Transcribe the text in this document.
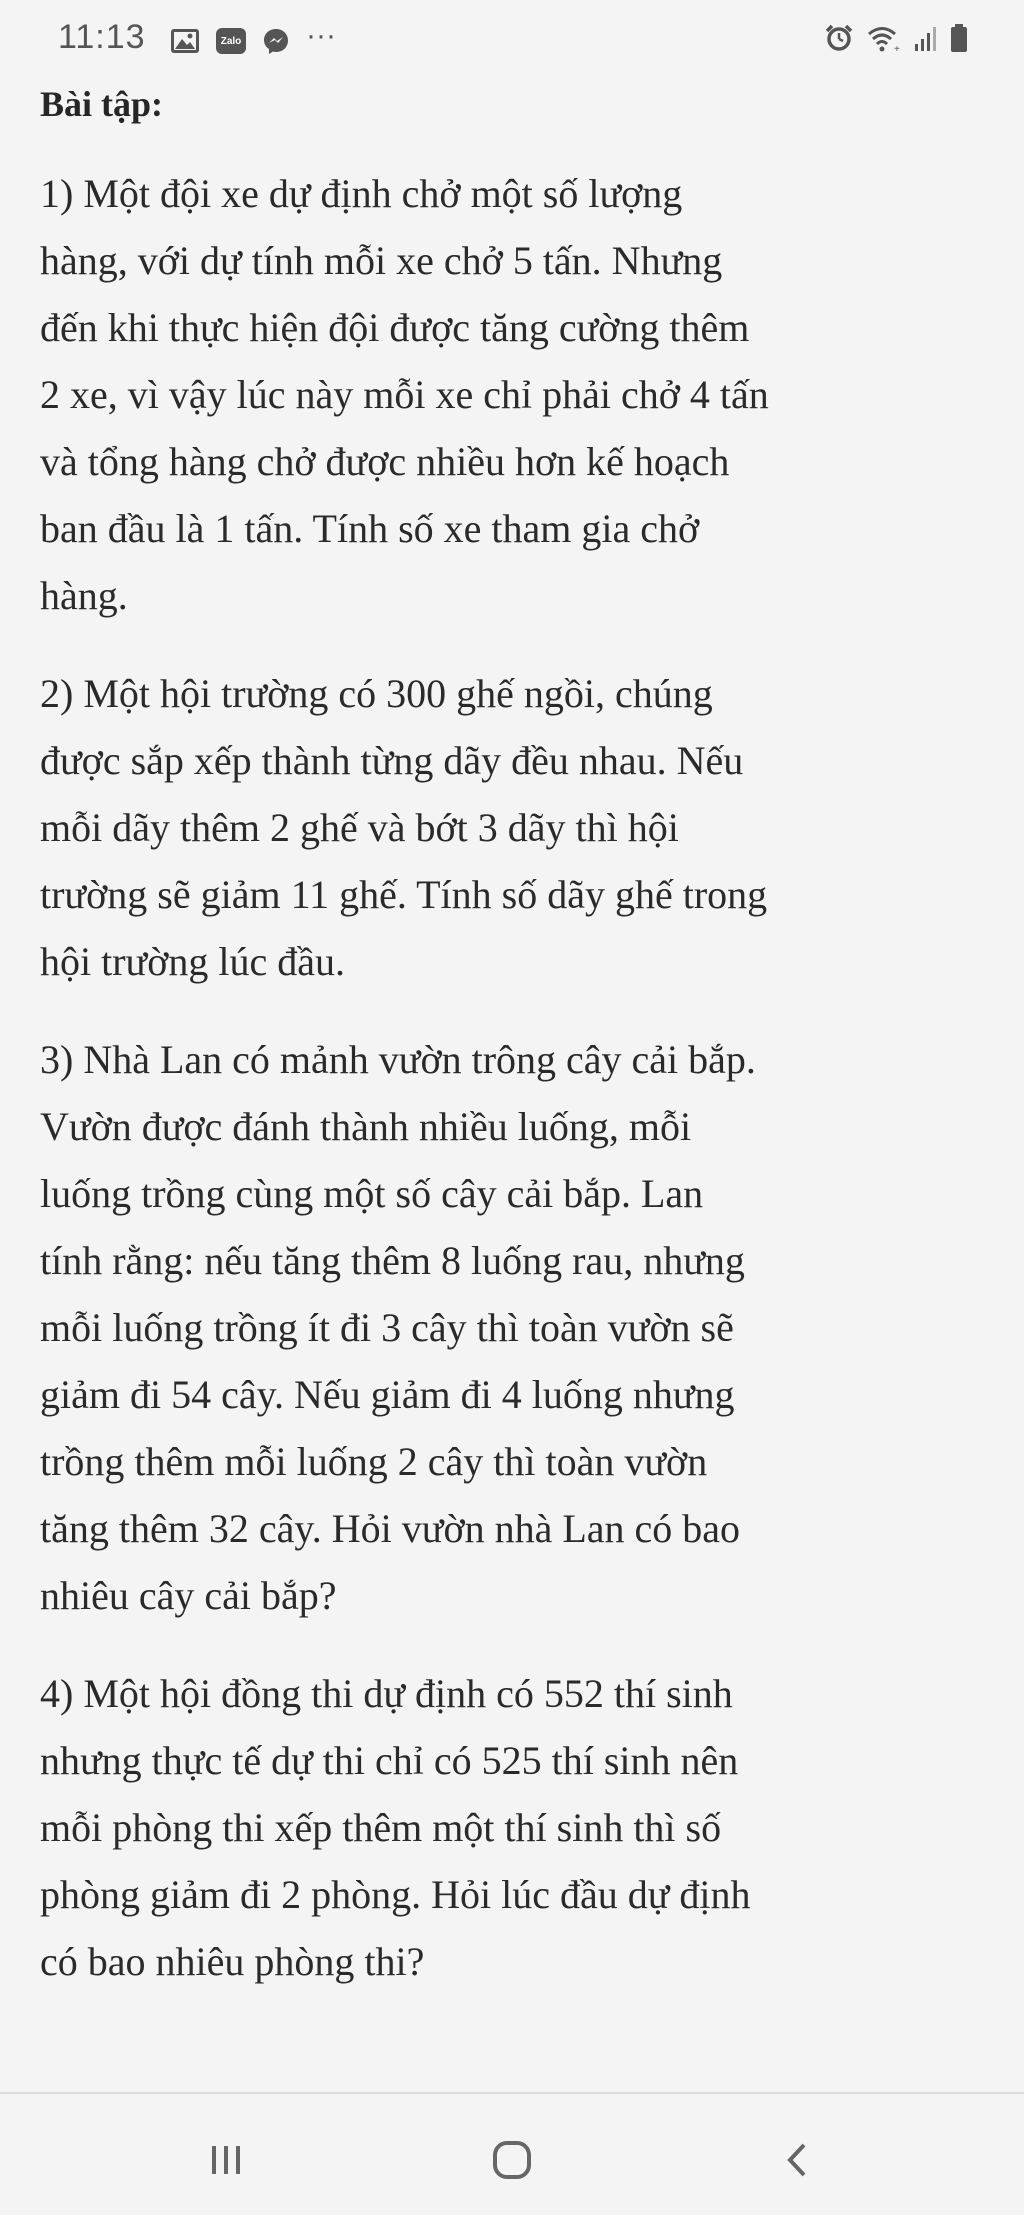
11:13	Zalo ···	+
Bài tập:
1) Một đội xe dự định chở một số lượng
hàng, với dự tính mỗi xe chở 5 tấn. Nhưng
đến khi thực hiện đội được tăng cường thêm
2 xe, vì vậy lúc này mỗi xe chỉ phải chở 4 tấn
và tổng hàng chở được nhiều hơn kế hoạch
ban đầu là 1 tấn. Tính số xe tham gia chở
hàng.
2) Một hội trường có 300 ghế ngồi, chúng
được sắp xếp thành từng dãy đều nhau. Nếu
mỗi dãy thêm 2 ghế và bớt 3 dãy thì hội
trường sẽ giảm 11 ghế. Tính số dãy ghế trong
hội trường lúc đầu.
3) Nhà Lan có mảnh vườn trông cây cải bắp.
Vườn được đánh thành nhiều luống, mỗi
luống trồng cùng một số cây cải bắp. Lan
tính rằng: nếu tăng thêm 8 luống rau, nhưng
mỗi luống trồng ít đi 3 cây thì toàn vườn sẽ
giảm đi 54 cây. Nếu giảm đi 4 luống nhưng
trồng thêm mỗi luống 2 cây thì toàn vườn
tăng thêm 32 cây. Hỏi vườn nhà Lan có bao
nhiêu cây cải bắp?
4) Một hội đồng thi dự định có 552 thí sinh
nhưng thực tế dự thi chỉ có 525 thí sinh nên
mỗi phòng thi xếp thêm một thí sinh thì số
phòng giảm đi 2 phòng. Hỏi lúc đầu dự định
có bao nhiêu phòng thi?
